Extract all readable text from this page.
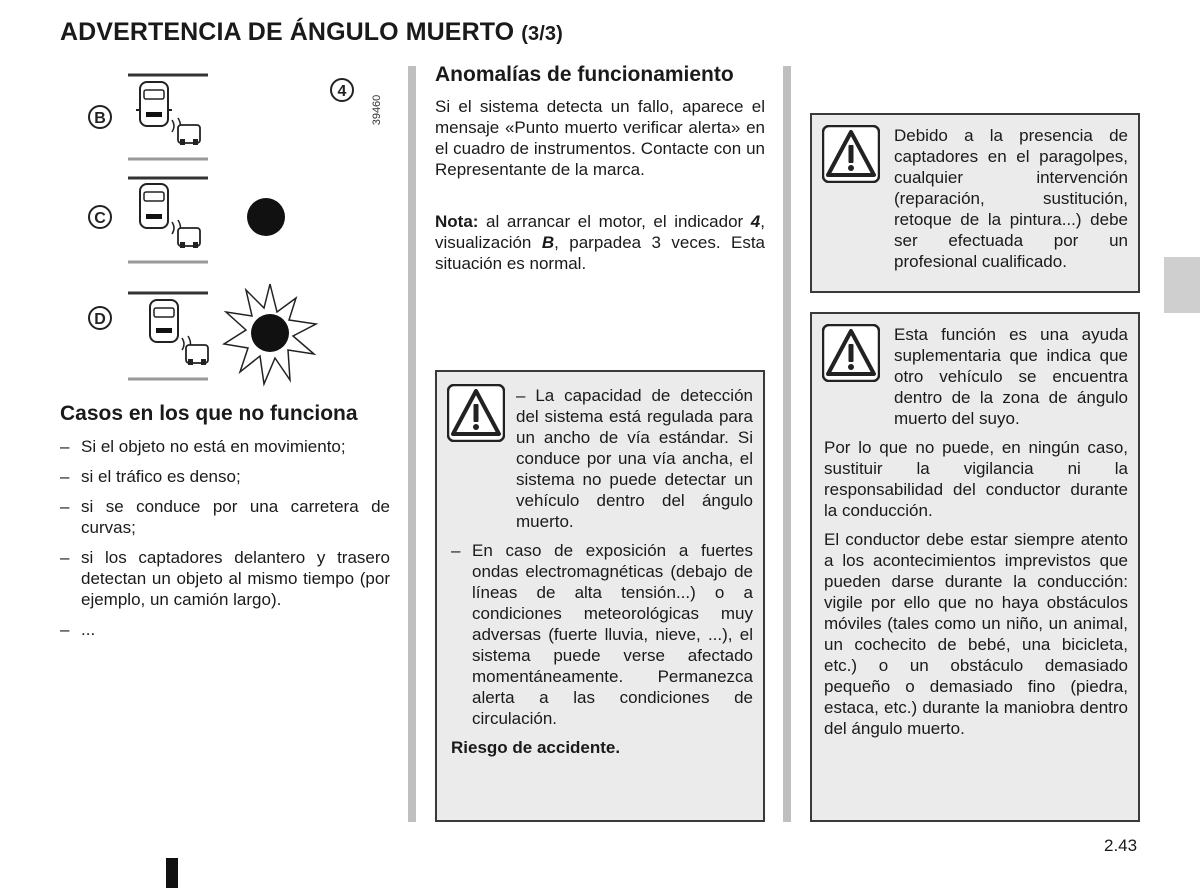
ADVERTENCIA DE ÁNGULO MUERTO (3/3)
B
C
D
4
39460
Casos en los que no funciona
– Si el objeto no está en movimiento;
– si el tráfico es denso;
– si se conduce por una carretera de curvas;
– si los captadores delantero y trasero detectan un objeto al mismo tiempo (por ejemplo, un camión largo).
– ...
Anomalías de funcionamiento
Si el sistema detecta un fallo, aparece el mensaje «Punto muerto verificar alerta» en el cuadro de instrumentos. Contacte con un Representante de la marca.
Nota: al arrancar el motor, el indicador 4, visualización B, parpadea 3 veces. Esta situación es normal.
– La capacidad de detección del sistema está regulada para un ancho de vía estándar. Si conduce por una vía ancha, el sistema no puede detectar un vehículo dentro del ángulo muerto.
– En caso de exposición a fuertes ondas electromagnéticas (debajo de líneas de alta tensión...) o a condiciones meteorológicas muy adversas (fuerte lluvia, nieve, ...), el sistema puede verse afectado momentáneamente. Permanezca alerta a las condiciones de circulación.
Riesgo de accidente.
Debido a la presencia de captadores en el paragolpes, cualquier intervención (reparación, sustitución, retoque de la pintura...) debe ser efectuada por un profesional cualificado.

Esta función es una ayuda suplementaria que indica que otro vehículo se encuentra dentro de la zona de ángulo muerto del suyo.

Por lo que no puede, en ningún caso, sustituir la vigilancia ni la responsabilidad del conductor durante la conducción.

El conductor debe estar siempre atento a los acontecimientos imprevistos que pueden darse durante la conducción: vigile por ello que no haya obstáculos móviles (tales como un niño, un animal, un cochecito de bebé, una bicicleta, etc.) o un obstáculo demasiado pequeño o demasiado fino (piedra, estaca, etc.) durante la maniobra dentro del ángulo muerto.

2.43
